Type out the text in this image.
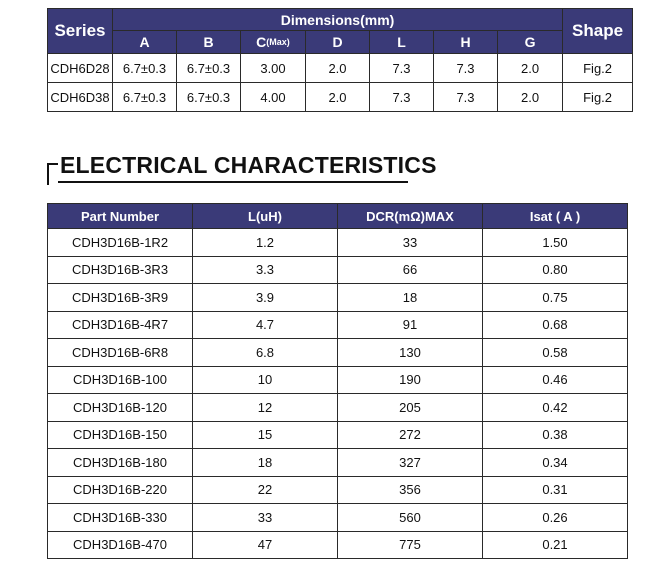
Series	Dimensions(mm)							Shape
	A	B	$C^{(Max)}$	D	L	H	G	
CDH6D28	6.7±0.3	6.7±0.3	3.00	2.0	7.3	7.3	2.0	Fig.2
CDH6D38	6.7±0.3	6.7±0.3	4.00	2.0	7.3	7.3	2.0	Fig.2
ELECTRICAL CHARACTERISTICS
Part Number	L(uH)	DCR(mΩ)MAX	Isat ( A )
CDH3D16B-1R2	1.2	33	1.50
CDH3D16B-3R3	3.3	66	0.80
CDH3D16B-3R9	3.9	18	0.75
CDH3D16B-4R7	4.7	91	0.68
CDH3D16B-6R8	6.8	130	0.58
CDH3D16B-100	10	190	0.46
CDH3D16B-120	12	205	0.42
CDH3D16B-150	15	272	0.38
CDH3D16B-180	18	327	0.34
CDH3D16B-220	22	356	0.31
CDH3D16B-330	33	560	0.26
CDH3D16B-470	47	775	0.21
